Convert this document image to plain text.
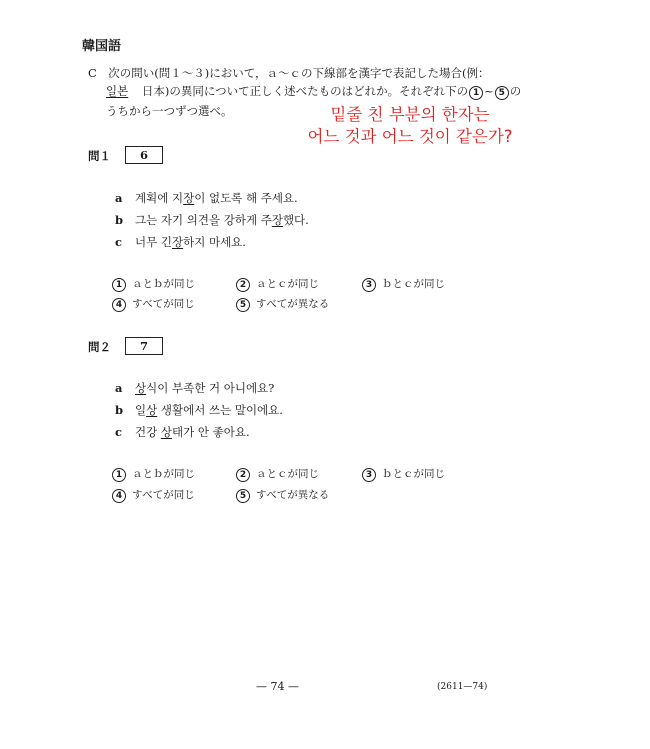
韓国語
C　次の問い(問１～３)において，ａ～ｃの下線部を漢字で表記した場合(例：
일본 日本)の異同について正しく述べたものはどれか。それぞれ下の 1 ~ 5 の
うちから一つずつ選べ。	밑줄 친 부분의 한자는
어느 것과 어느 것이 같은가?
問１	6
a 계획에 지장이 없도록 해 주세요.
b 그는 자기 의견을 강하게 주장했다.
c 너무 긴장하지 마세요.
1 ａとｂが同じ	2 ａとｃが同じ	3 ｂとｃが同じ
4 すべてが同じ	5 すべてが異なる
問２	7
a 상식이 부족한 거 아니에요?
b 일상 생활에서 쓰는 말이에요.
c 건강 상태가 안 좋아요.
1 ａとｂが同じ	2 ａとｃが同じ	3 ｂとｃが同じ
4 すべてが同じ	5 すべてが異なる
— 74 —	(2611—74)
